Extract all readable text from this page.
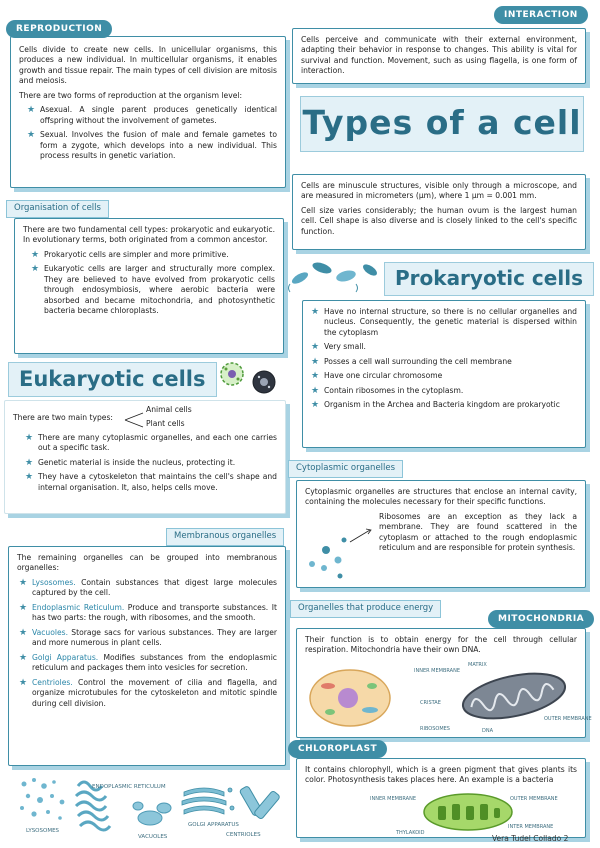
Cells divide to create new cells. In unicellular organisms, this produces a new individual. In multicellular organisms, it enables growth and tissue repair. The main types of cell division are mitosis and meiosis.

There are two forms of reproduction at the organism level:

★ Asexual. A single parent produces genetically identical offspring without the involvement of gametes.
★ Sexual. Involves the fusion of male and female gametes to form a zygote, which develops into a new individual. This process results in genetic variation.
REPRODUCTION

There are two fundamental cell types: prokaryotic and eukaryotic. In evolutionary terms, both originated from a common ancestor.

★ Prokaryotic cells are simpler and more primitive.
★ Eukaryotic cells are larger and structurally more complex. They are believed to have evolved from prokaryotic cells through endosymbiosis, where aerobic bacteria were absorbed and became mitochondria, and photosynthetic bacteria became chloroplasts.
Organisation of cells
Eukaryotic cells
There are two main types:
Animal cells
Plant cells
★ There are many cytoplasmic organelles, and each one carries out a specific task.
★ Genetic material is inside the nucleus, protecting it.
★ They have a cytoskeleton that maintains the cell's shape and internal organisation. It, also, helps cells move.

The remaining organelles can be grouped into membranous organelles:

★ Lysosomes. Contain substances that digest large molecules captured by the cell.
★ Endoplasmic Reticulum. Produce and transporte substances. It has two parts: the rough, with ribosomes, and the smooth.
★ Vacuoles. Storage sacs for various substances. They are larger and more numerous in plant cells.
★ Golgi Apparatus. Modifies substances from the endoplasmic reticulum and packages them into vesicles for secretion.
★ Centrioles. Control the movement of cilia and flagella, and organize microtubules for the cytoskeleton and mitotic spindle during cell division.
Membranous organelles
LYSOSOMES
ENDOPLASMIC RETICULUM
VACUOLES
GOLGI APPARATUS
CENTRIOLES

Cells perceive and communicate with their external environment, adapting their behavior in response to changes. This ability is vital for survival and function. Movement, such as using flagella, is one form of interaction.

INTERACTION
Types of a cell

Cells are minuscule structures, visible only through a microscope, and are measured in micrometers (µm), where 1 µm = 0.001 mm.

Cell size varies considerably; the human ovum is the largest human cell. Cell shape is also diverse and is closely linked to the cell's specific function.

Prokaryotic cells
★ Have no internal structure, so there is no cellular organelles and nucleus. Consequently, the genetic material is dispersed within the cytoplasm
★ Very small.
★ Posses a cell wall surrounding the cell membrane
★ Have one circular chromosome
★ Contain ribosomes in the cytoplasm.
★ Organism in the Archea and Bacteria kingdom are prokaryotic
Cytoplasmic organelles

Cytoplasmic organelles are structures that enclose an internal cavity, containing the molecules necessary for their specific functions.

Ribosomes are an exception as they lack a membrane. They are found scattered in the cytoplasm or attached to the rough endoplasmic reticulum and are responsible for protein synthesis.

Organelles that produce energy
MITOCHONDRIA

Their function is to obtain energy for the cell through cellular respiration. Mitochondria have their own DNA.

INNER MEMBRANE
MATRIX
CRISTAE
RIBOSOMES	DNA
OUTER MEMBRANE
CHLOROPLAST

It contains chlorophyll, which is a green pigment that gives plants its color. Photosynthesis takes places here. An example is a bacteria

INNER MEMBRANE	OUTER MEMBRANE
THYLAKOID
INTER MEMBRANE
Vera Tudel Collado 2
